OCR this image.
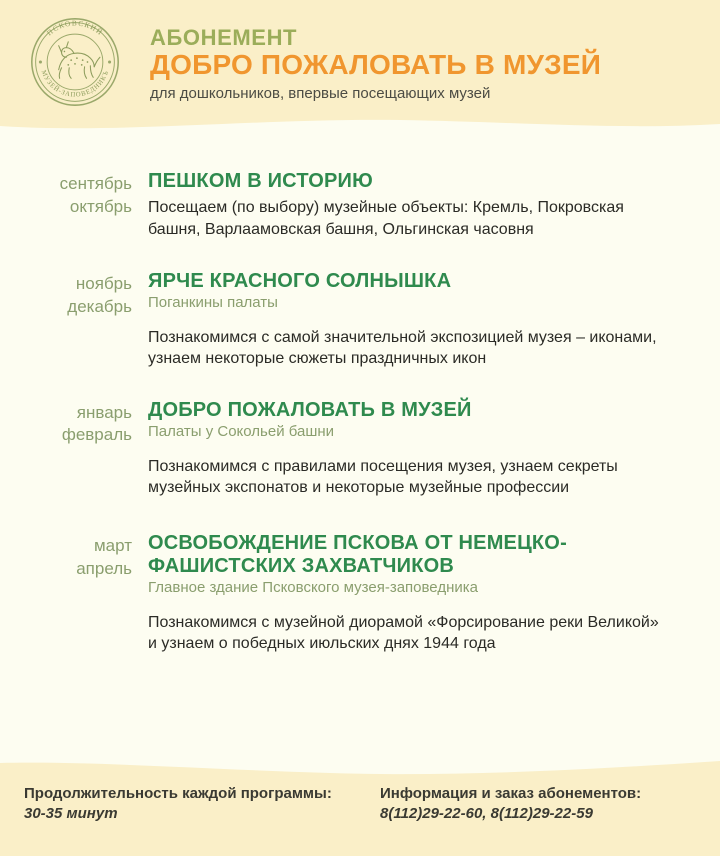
ПСКОВСКИЙ
МУЗЕЙ-ЗАПОВЕДНИКЪ
АБОНЕМЕНТ
ДОБРО ПОЖАЛОВАТЬ В МУЗЕЙ
для дошкольников, впервые посещающих музей
сентябрь
октябрь
ПЕШКОМ В ИСТОРИЮ
Посещаем (по выбору) музейные объекты: Кремль, Покровская башня, Варлаамовская башня, Ольгинская часовня
ноябрь
декабрь
ЯРЧЕ КРАСНОГО СОЛНЫШКА
Поганкины палаты
Познакомимся с самой значительной экспозицией музея – иконами, узнаем некоторые сюжеты праздничных икон
январь
февраль
ДОБРО ПОЖАЛОВАТЬ В МУЗЕЙ
Палаты у Сокольей башни
Познакомимся с правилами посещения музея, узнаем секреты музейных экспонатов и некоторые музейные профессии
март
апрель
ОСВОБОЖДЕНИЕ ПСКОВА ОТ НЕМЕЦКО-ФАШИСТСКИХ ЗАХВАТЧИКОВ
Главное здание Псковского музея-заповедника
Познакомимся с музейной диорамой «Форсирование реки Великой» и узнаем о победных июльских днях 1944 года
Продолжительность каждой программы:
30-35 минут
Информация и заказ абонементов:
8(112)29-22-60, 8(112)29-22-59
